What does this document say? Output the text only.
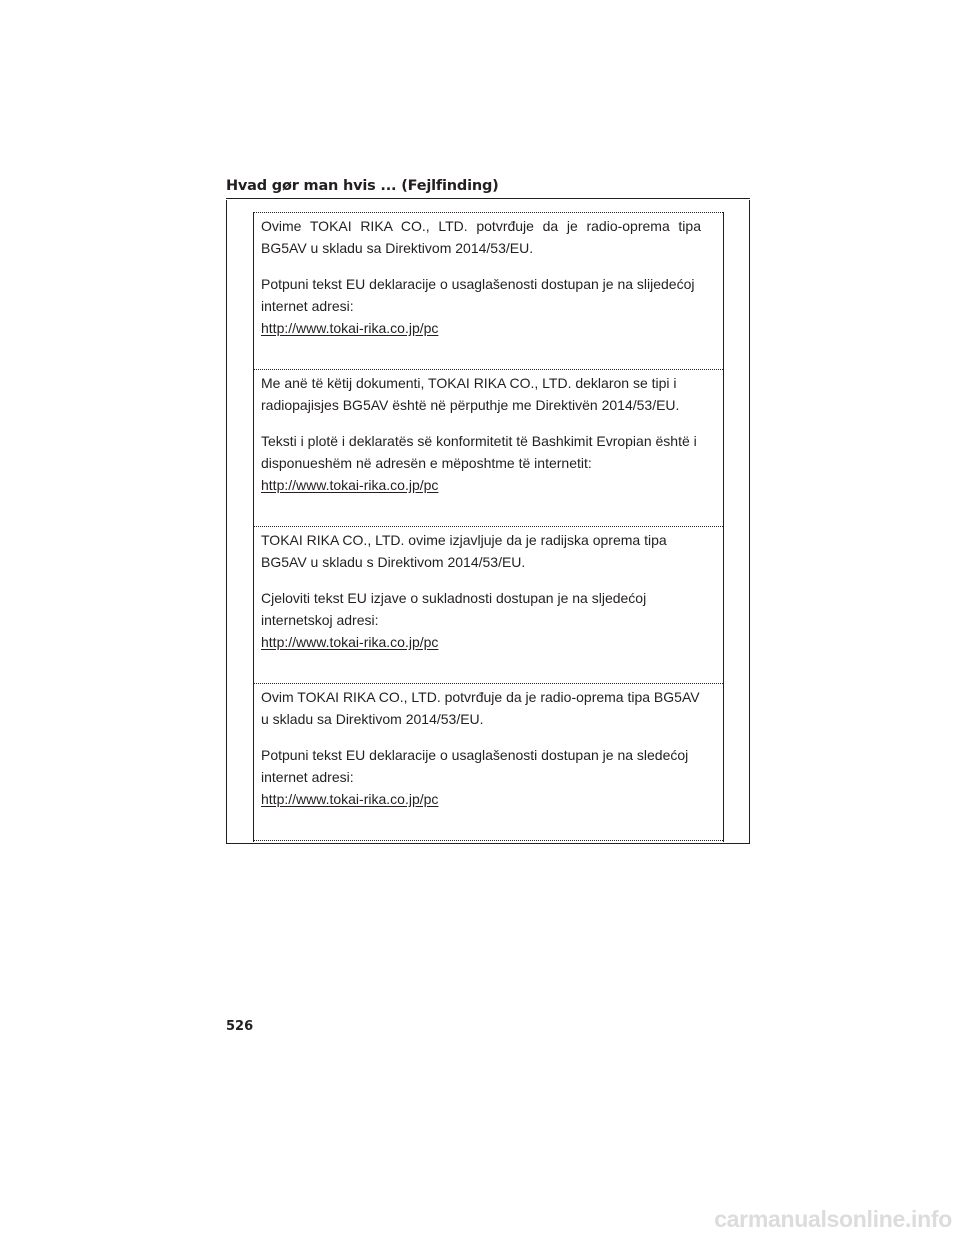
Hvad gør man hvis ... (Fejlfinding)

Ovime TOKAI RIKA CO., LTD. potvrđuje da je radio-oprema tipa BG5AV u skladu sa Direktivom 2014/53/EU.

Potpuni tekst EU deklaracije o usaglašenosti dostupan je na slijedećoj internet adresi:

http://www.tokai-rika.co.jp/pc

Me anë të këtij dokumenti, TOKAI RIKA CO., LTD. deklaron se tipi i radiopajisjes BG5AV është në përputhje me Direktivën 2014/53/EU.

Teksti i plotë i deklaratës së konformitetit të Bashkimit Evropian është i disponueshëm në adresën e mëposhtme të internetit:

http://www.tokai-rika.co.jp/pc

TOKAI RIKA CO., LTD. ovime izjavljuje da je radijska oprema tipa BG5AV u skladu s Direktivom 2014/53/EU.

Cjeloviti tekst EU izjave o sukladnosti dostupan je na sljedećoj internetskoj adresi:

http://www.tokai-rika.co.jp/pc

Ovim TOKAI RIKA CO., LTD. potvrđuje da je radio-oprema tipa BG5AV u skladu sa Direktivom 2014/53/EU.

Potpuni tekst EU deklaracije o usaglašenosti dostupan je na sledećoj internet adresi:

http://www.tokai-rika.co.jp/pc
526
carmanualsonline.info
